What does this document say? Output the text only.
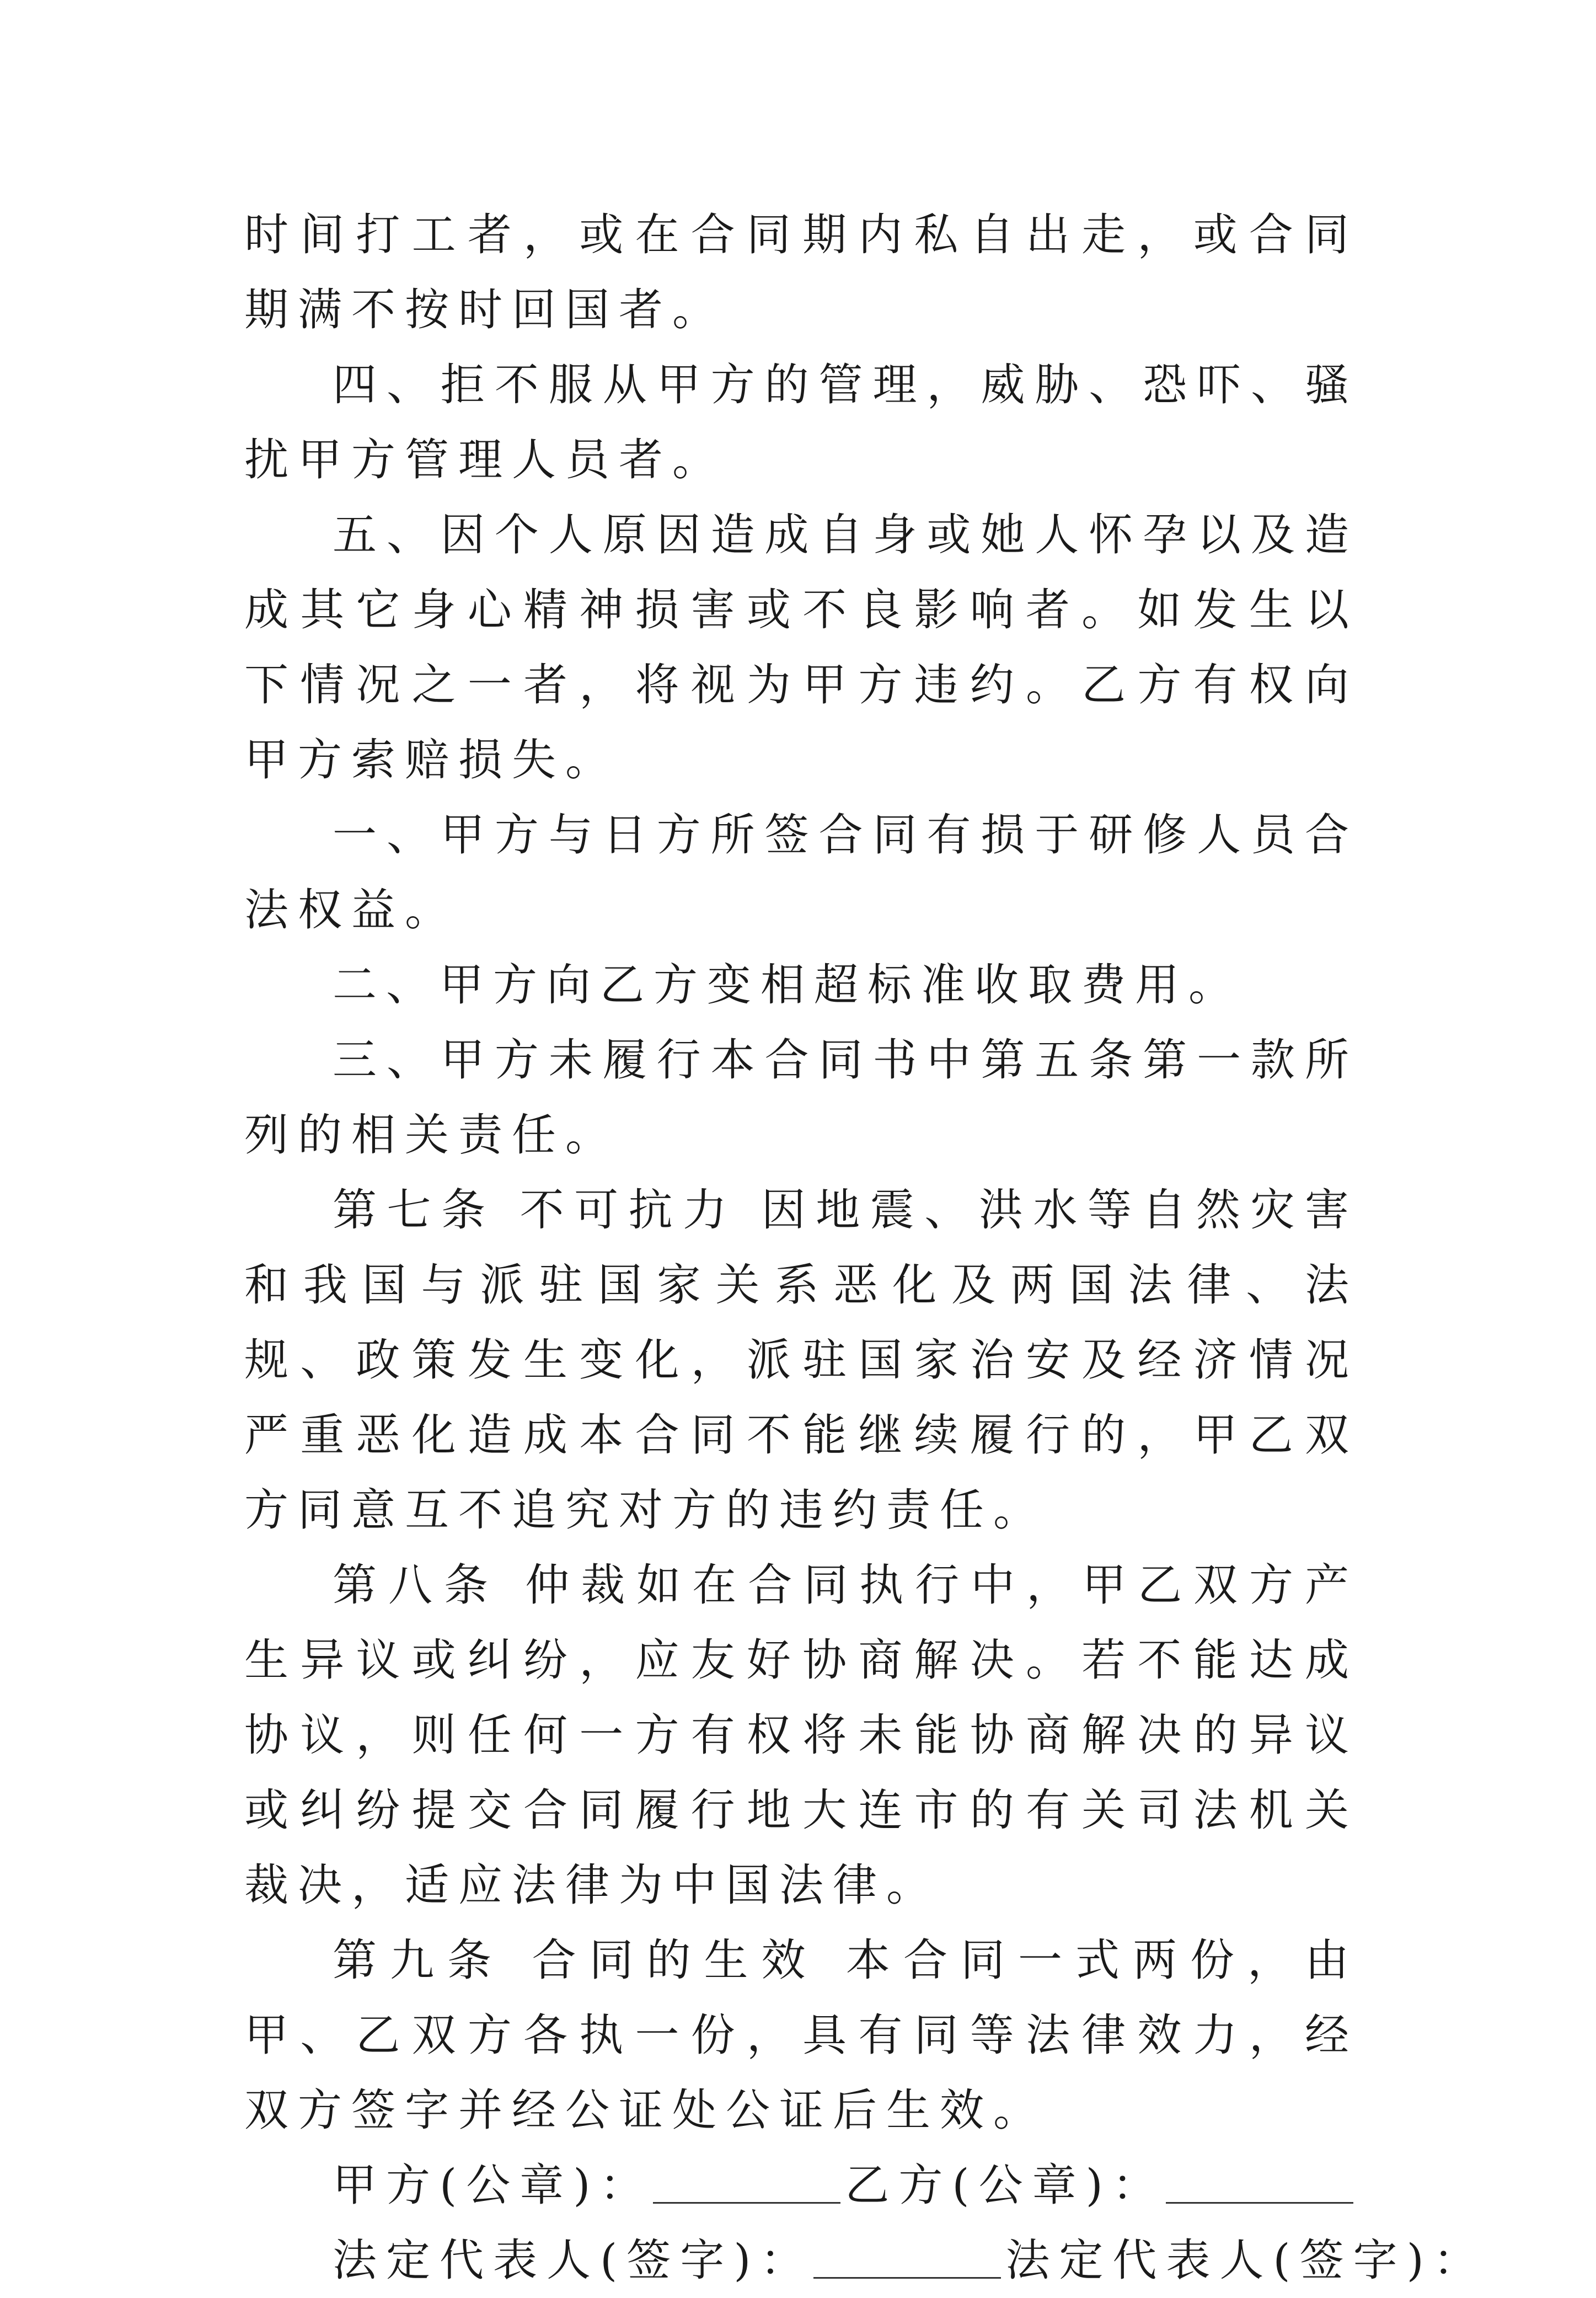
时间打工者，或在合同期内私自出走，或合同期满不按时回国者。

四、拒不服从甲方的管理，威胁、恐吓、骚扰甲方管理人员者。

五、因个人原因造成自身或她人怀孕以及造成其它身心精神损害或不良影响者。如发生以下情况之一者，将视为甲方违约。乙方有权向甲方索赔损失。

一、甲方与日方所签合同有损于研修人员合法权益。

二、甲方向乙方变相超标准收取费用。

三、甲方未履行本合同书中第五条第一款所列的相关责任。

第七条 不可抗力 因地震、洪水等自然灾害和我国与派驻国家关系恶化及两国法律、法规、政策发生变化，派驻国家治安及经济情况严重恶化造成本合同不能继续履行的，甲乙双方同意互不追究对方的违约责任。

第八条 仲裁如在合同执行中，甲乙双方产生异议或纠纷，应友好协商解决。若不能达成协议，则任何一方有权将未能协商解决的异议或纠纷提交合同履行地大连市的有关司法机关裁决，适应法律为中国法律。

第九条 合同的生效 本合同一式两份，由甲、乙双方各执一份，具有同等法律效力，经双方签字并经公证处公证后生效。

甲方(公章)：	乙方(公章)：

法定代表人(签字)：	法定代表人(签字)：
